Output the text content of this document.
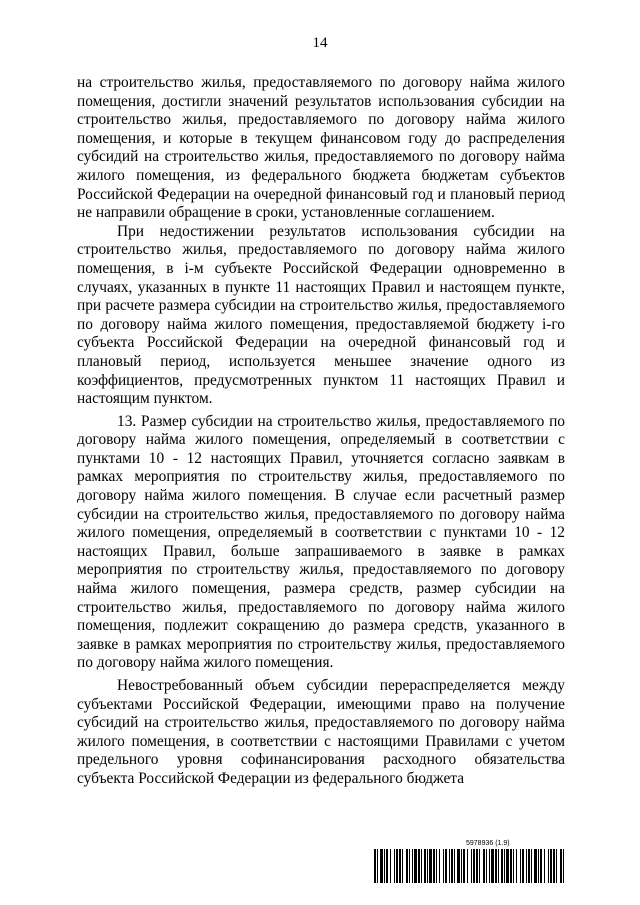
14

на строительство жилья, предоставляемого по договору найма жилого помещения, достигли значений результатов использования субсидии на строительство жилья, предоставляемого по договору найма жилого помещения, и которые в текущем финансовом году до распределения субсидий на строительство жилья, предоставляемого по договору найма жилого помещения, из федерального бюджета бюджетам субъектов Российской Федерации на очередной финансовый год и плановый период не направили обращение в сроки, установленные соглашением.

При недостижении результатов использования субсидии на строительство жилья, предоставляемого по договору найма жилого помещения, в i-м субъекте Российской Федерации одновременно в случаях, указанных в пункте 11 настоящих Правил и настоящем пункте, при расчете размера субсидии на строительство жилья, предоставляемого по договору найма жилого помещения, предоставляемой бюджету i-го субъекта Российской Федерации на очередной финансовый год и плановый период, используется меньшее значение одного из коэффициентов, предусмотренных пунктом 11 настоящих Правил и настоящим пунктом.

13. Размер субсидии на строительство жилья, предоставляемого по договору найма жилого помещения, определяемый в соответствии с пунктами 10 - 12 настоящих Правил, уточняется согласно заявкам в рамках мероприятия по строительству жилья, предоставляемого по договору найма жилого помещения. В случае если расчетный размер субсидии на строительство жилья, предоставляемого по договору найма жилого помещения, определяемый в соответствии с пунктами 10 - 12 настоящих Правил, больше запрашиваемого в заявке в рамках мероприятия по строительству жилья, предоставляемого по договору найма жилого помещения, размера средств, размер субсидии на строительство жилья, предоставляемого по договору найма жилого помещения, подлежит сокращению до размера средств, указанного в заявке в рамках мероприятия по строительству жилья, предоставляемого по договору найма жилого помещения.

Невостребованный объем субсидии перераспределяется между субъектами Российской Федерации, имеющими право на получение субсидий на строительство жилья, предоставляемого по договору найма жилого помещения, в соответствии с настоящими Правилами с учетом предельного уровня софинансирования расходного обязательства субъекта Российской Федерации из федерального бюджета

5978936 (1.9)
